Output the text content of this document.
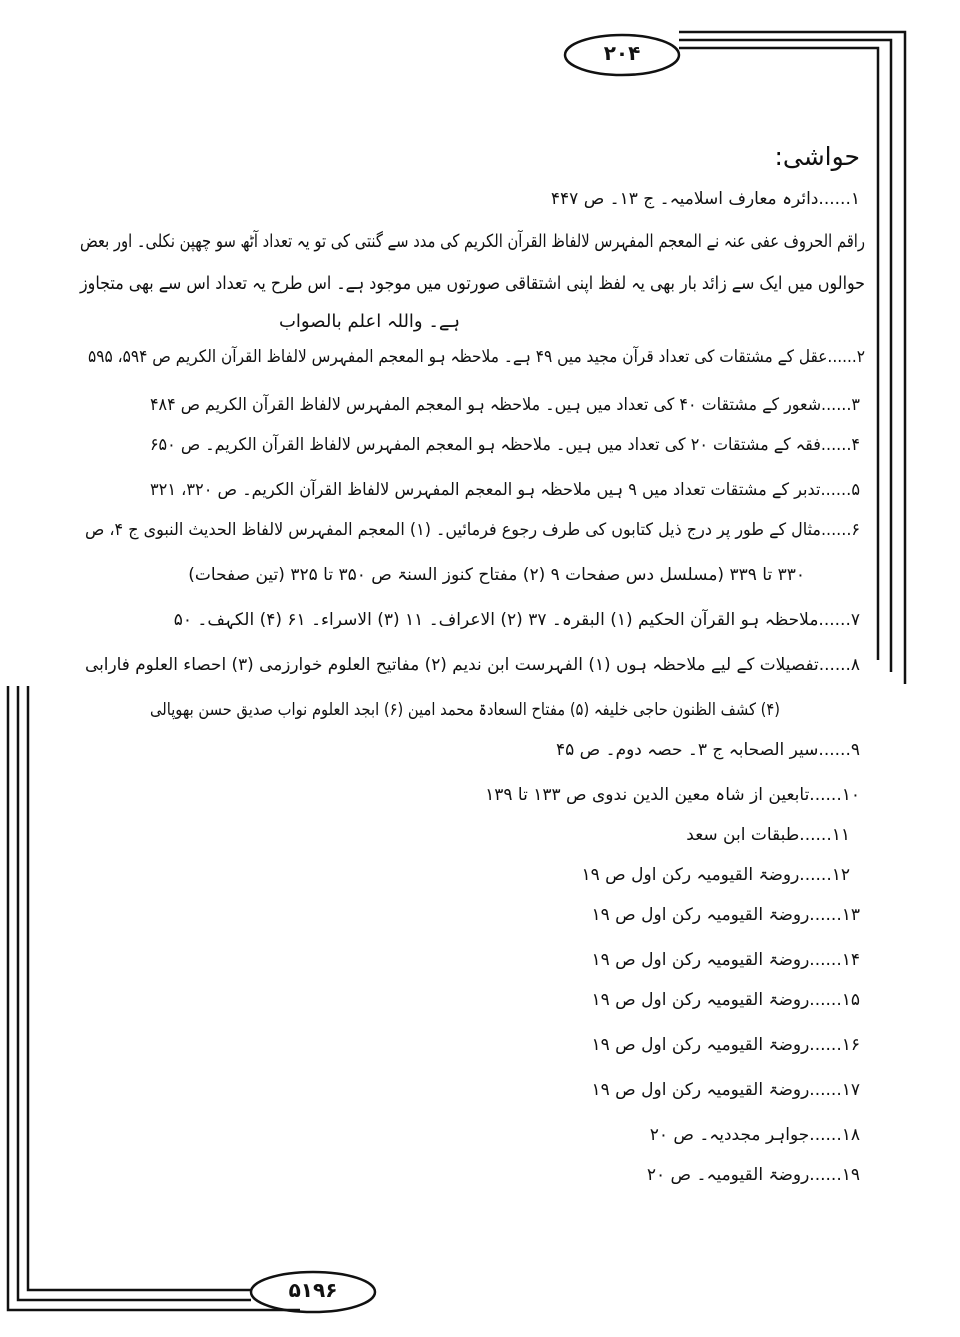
۲۰۴
۵۱۹۶
حواشی:
۱......دائرہ معارف اسلامیہ۔ ج ۱۳۔ ص ۴۴۷
راقم الحروف عفی عنہ نے المعجم المفہرس لالفاظ القرآن الکریم کی مدد سے گنتی کی تو یہ تعداد آٹھ سو چھپن نکلی۔ اور بعض
حوالوں میں ایک سے زائد بار بھی یہ لفظ اپنی اشتقاقی صورتوں میں موجود ہے۔ اس طرح یہ تعداد اس سے بھی متجاوز
ہے۔ واللہ اعلم بالصواب
۲......عقل کے مشتقات کی تعداد قرآن مجید میں ۴۹ ہے۔ ملاحظہ ہو المعجم المفہرس لالفاظ القرآن الکریم ص ۵۹۴، ۵۹۵
۳......شعور کے مشتقات ۴۰ کی تعداد میں ہیں۔ ملاحظہ ہو المعجم المفہرس لالفاظ القرآن الکریم ص ۴۸۴
۴......فقہ کے مشتقات ۲۰ کی تعداد میں ہیں۔ ملاحظہ ہو المعجم المفہرس لالفاظ القرآن الکریم۔ ص ۶۵۰
۵......تدبر کے مشتقات تعداد میں ۹ ہیں ملاحظہ ہو المعجم المفہرس لالفاظ القرآن الکریم۔ ص ۳۲۰، ۳۲۱
۶......مثال کے طور پر درج ذیل کتابوں کی طرف رجوع فرمائیں۔ (۱) المعجم المفہرس لالفاظ الحدیث النبوی ج ۴، ص
۳۳۰ تا ۳۳۹ (مسلسل دس صفحات ۹ (۲) مفتاح کنوز السنۃ ص ۳۵۰ تا ۳۲۵ (تین صفحات)
۷......ملاحظہ ہو القرآن الحکیم (۱) البقرہ۔ ۳۷ (۲) الاعراف۔ ۱۱ (۳) الاسراء۔ ۶۱ (۴) الکہف۔ ۵۰
۸......تفصیلات کے لیے ملاحظہ ہوں (۱) الفہرست ابن ندیم (۲) مفاتیح العلوم خوارزمی (۳) احصاء العلوم فارابی
(۴) کشف الظنون حاجی خلیفہ (۵) مفتاح السعادۃ محمد امین (۶) ابجد العلوم نواب صدیق حسن بھوپالی
۹......سیر الصحابہ ج ۳۔ حصہ دوم۔ ص ۴۵
۱۰......تابعین از شاہ معین الدین ندوی ص ۱۳۳ تا ۱۳۹
۱۱......طبقات ابن سعد
۱۲......روضۃ القیومیہ رکن اول ص ۱۹
۱۳......روضۃ القیومیہ رکن اول ص ۱۹
۱۴......روضۃ القیومیہ رکن اول ص ۱۹
۱۵......روضۃ القیومیہ رکن اول ص ۱۹
۱۶......روضۃ القیومیہ رکن اول ص ۱۹
۱۷......روضۃ القیومیہ رکن اول ص ۱۹
۱۸......جواہر مجددیہ۔ ص ۲۰
۱۹......روضۃ القیومیہ۔ ص ۲۰
